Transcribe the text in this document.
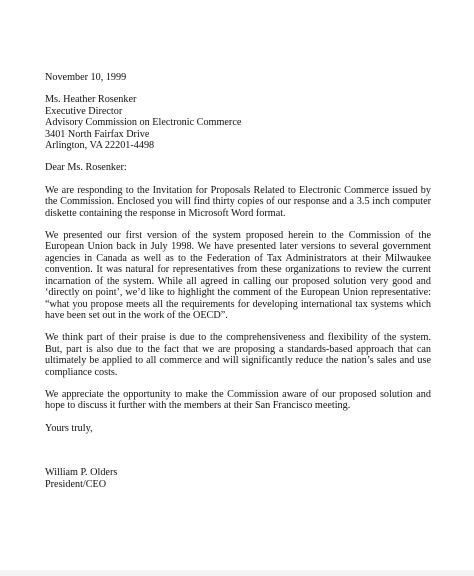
November 10, 1999
Ms. Heather Rosenker
Executive Director
Advisory Commission on Electronic Commerce
3401 North Fairfax Drive
Arlington, VA 22201-4498
Dear Ms. Rosenker:
We are responding to the Invitation for Proposals Related to Electronic Commerce issued by
the Commission. Enclosed you will find thirty copies of our response and a 3.5 inch computer
diskette containing the response in Microsoft Word format.
We presented our first version of the system proposed herein to the Commission of the
European Union back in July 1998. We have presented later versions to several government
agencies in Canada as well as to the Federation of Tax Administrators at their Milwaukee
convention. It was natural for representatives from these organizations to review the current
incarnation of the system. While all agreed in calling our proposed solution very good and
‘directly on point’, we’d like to highlight the comment of the European Union representative:
“what you propose meets all the requirements for developing international tax systems which
have been set out in the work of the OECD”.
We think part of their praise is due to the comprehensiveness and flexibility of the system.
But, part is also due to the fact that we are proposing a standards-based approach that can
ultimately be applied to all commerce and will significantly reduce the nation’s sales and use
compliance costs.
We appreciate the opportunity to make the Commission aware of our proposed solution and
hope to discuss it further with the members at their San Francisco meeting.
Yours truly,
William P. Olders
President/CEO
